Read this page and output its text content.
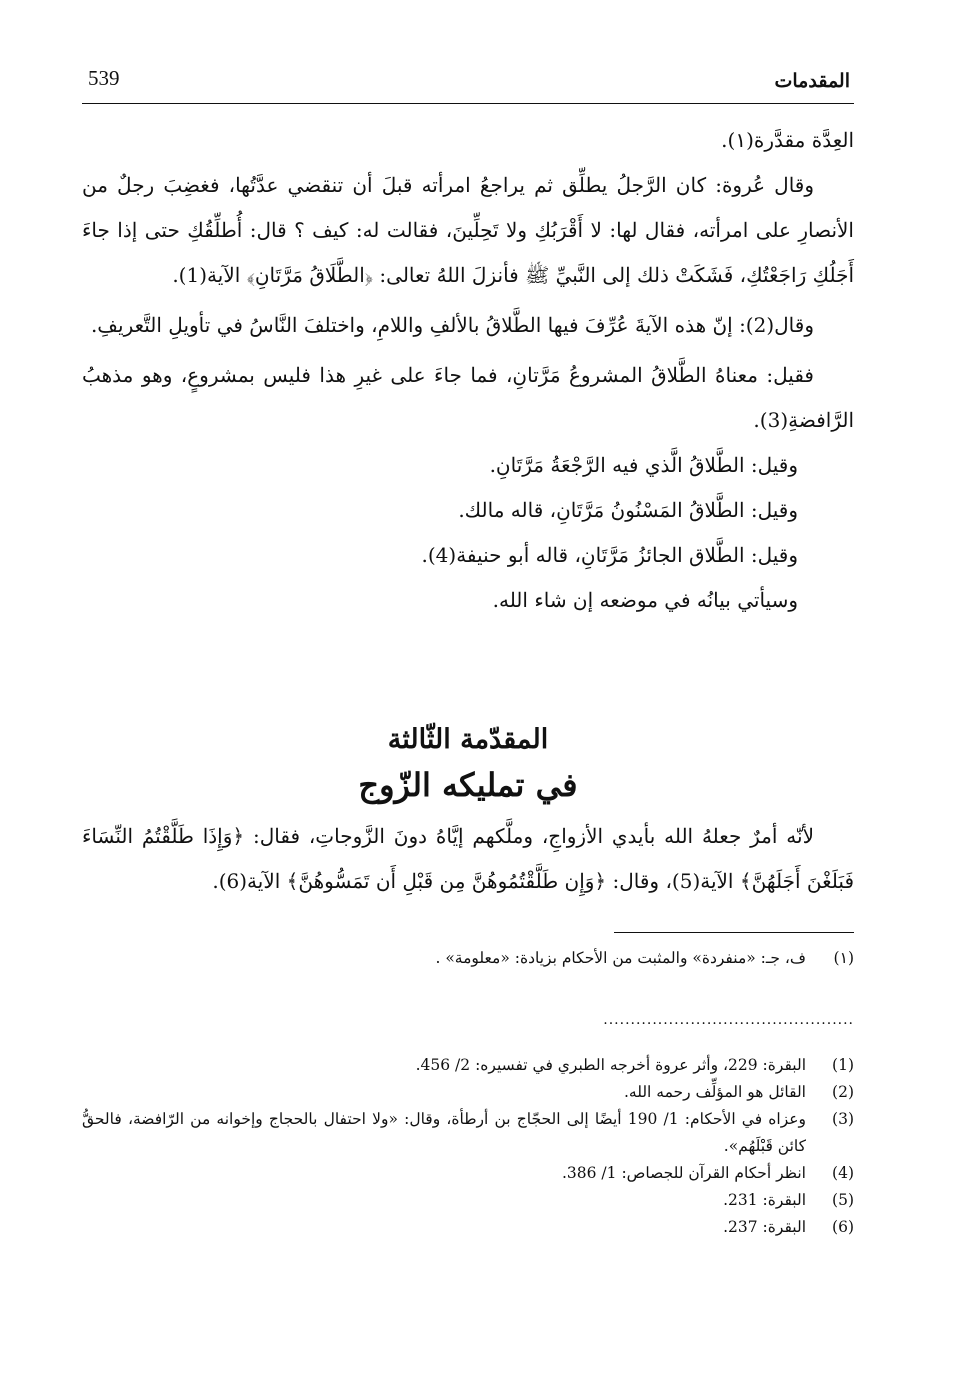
539	المقدمات

العِدَّة مقدَّرة(١).

وقال عُروة: كان الرَّجلُ يطلِّق ثم يراجعُ امرأته قبلَ أن تنقضي عدَّتُها، فغضِبَ رجلٌ من الأنصارِ على امرأته، فقال لها: لا أَقْرَبُكِ ولا تَحِلِّينَ، فقالت له: كيف ؟ قال: أُطلِّقُكِ حتى إذا جاءَ أَجَلُكِ رَاجَعْتُكِ، فَشَكَتْ ذلك إلى النَّبيِّ ﷺ فأنزلَ اللهُ تعالى: ﴿الطَّلَاقُ مَرَّتَانِ﴾ الآية(1).

وقال(2): إنّ هذه الآيةَ عُرِّفَ فيها الطَّلاقُ بالألفِ واللامِ، واختلفَ النَّاسُ في تأويلِ التَّعريفِ.

فقيل: معناهُ الطَّلاقُ المشروعُ مَرَّتانِ، فما جاءَ على غيرِ هذا فليس بمشروعٍ، وهو مذهبُ الرَّافضةِ(3).

وقيل: الطَّلاقُ الَّذي فيه الرَّجْعَةُ مَرَّتَانِ.

وقيل: الطَّلاقُ المَسْنُونُ مَرَّتَانِ، قاله مالك.

وقيل: الطَّلاق الجائزُ مَرَّتَانِ، قاله أبو حنيفة(4).

وسيأتي بيانُه في موضعه إن شاء الله.

المقدّمة الثّالثة
في تمليكه الزّوج

لأنّه أمرٌ جعلهُ الله بأيدي الأزواجِ، وملَّكهم إيَّاهُ دونَ الزَّوجاتِ، فقال: ﴿وَإِذَا طَلَّقْتُمُ النِّسَاءَ فَبَلَغْنَ أَجَلَهُنَّ﴾ الآية(5)، وقال: ﴿وَإِن طَلَّقْتُمُوهُنَّ مِن قَبْلِ أَن تَمَسُّوهُنَّ﴾ الآية(6).

(١)
ف، جـ: «منفردة» والمثبت من الأحكام بزيادة: «معلومة» .
..............................................
(1)
البقرة: 229، وأثر عروة أخرجه الطبري في تفسيره: 2/ 456.
(2)
القائل هو المؤلِّف رحمه الله.
(3)
وعزاه في الأحكام: 1/ 190 أيضًا إلى الحجّاج بن أرطأة، وقال: «ولا احتفال بالحجاج وإخوانه من الرّافضة، فالحقُّ كائن قَبْلَهُم».
(4)
انظر أحكام القرآن للجصاص: 1/ 386.
(5)
البقرة: 231.
(6)
البقرة: 237.
